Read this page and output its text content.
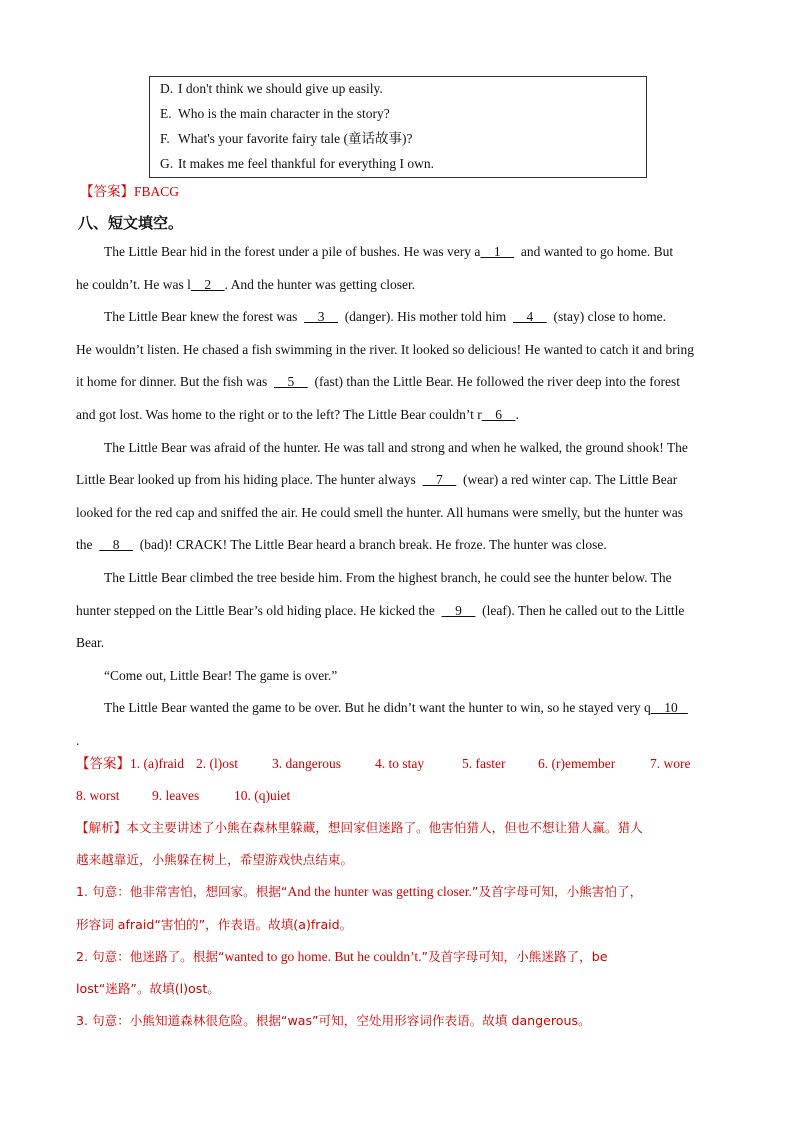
D. I don't think we should give up easily.
E. Who is the main character in the story?
F. What's your favorite fairy tale (童话故事)?
G. It makes me feel thankful for everything I own.
【答案】FBACG
八、短文填空。
The Little Bear hid in the forest under a pile of bushes. He was very a    1      and wanted to go home. But
he couldn’t. He was l    2    . And the hunter was getting closer.
The Little Bear knew the forest was      3      (danger). His mother told him      4      (stay) close to home.
He wouldn’t listen. He chased a fish swimming in the river. It looked so delicious! He wanted to catch it and bring
it home for dinner. But the fish was      5      (fast) than the Little Bear. He followed the river deep into the forest
and got lost. Was home to the right or to the left? The Little Bear couldn’t r    6    .
The Little Bear was afraid of the hunter. He was tall and strong and when he walked, the ground shook! The
Little Bear looked up from his hiding place. The hunter always      7      (wear) a red winter cap. The Little Bear
looked for the red cap and sniffed the air. He could smell the hunter. All humans were smelly, but the hunter was
the      8      (bad)! CRACK! The Little Bear heard a branch break. He froze. The hunter was close.
The Little Bear climbed the tree beside him. From the highest branch, he could see the hunter below. The
hunter stepped on the Little Bear’s old hiding place. He kicked the      9      (leaf). Then he called out to the Little
Bear.
“Come out, Little Bear! The game is over.”
The Little Bear wanted the game to be over. But he didn’t want the hunter to win, so he stayed very q    10
.
【答案】1. (a)fraid 2. (l)ost	3. dangerous	4. to stay	5. faster 6. (r)emember	7. wore
8. worst 9. leaves	10. (q)uiet
【解析】本文主要讲述了小熊在森林里躲藏，想回家但迷路了。他害怕猎人，但也不想让猎人赢。猎人
越来越靠近，小熊躲在树上，希望游戏快点结束。
1. 句意：他非常害怕，想回家。根据“And the hunter was getting closer.”及首字母可知，小熊害怕了，
形容词 afraid“害怕的”，作表语。故填(a)fraid。
2. 句意：他迷路了。根据“wanted to go home. But he couldn’t.”及首字母可知，小熊迷路了，be
lost“迷路”。故填(l)ost。
3. 句意：小熊知道森林很危险。根据“was”可知，空处用形容词作表语。故填 dangerous。
